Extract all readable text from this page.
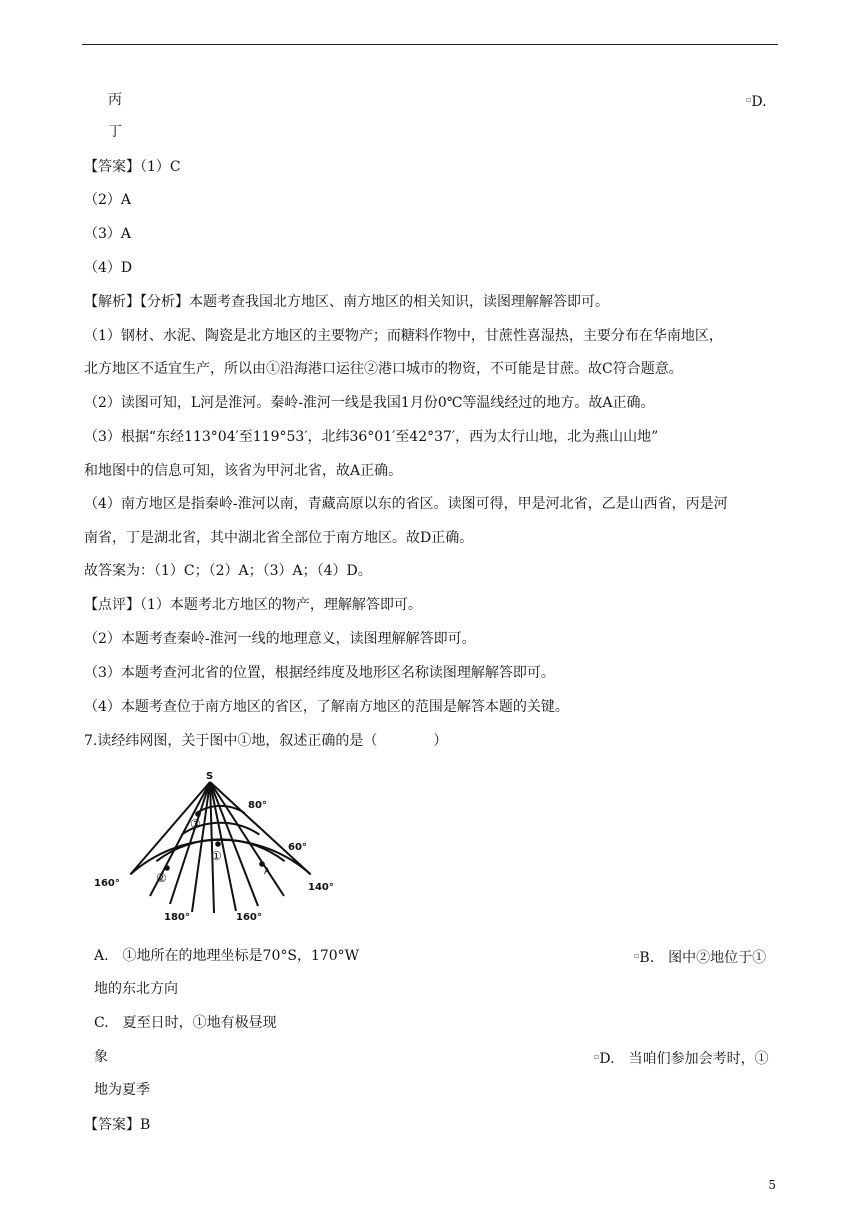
丙	▫D.
丁
【答案】（1）C
（2）A
（3）A
（4）D
【解析】【分析】本题考查我国北方地区、南方地区的相关知识，读图理解解答即可。
（1）钢材、水泥、陶瓷是北方地区的主要物产；而糖料作物中，甘蔗性喜湿热，主要分布在华南地区，
北方地区不适宜生产，所以由①沿海港口运往②港口城市的物资，不可能是甘蔗。故C符合题意。
（2）读图可知，L河是淮河。秦岭-淮河一线是我国1月份0℃等温线经过的地方。故A正确。
（3）根据“东经113°04′至119°53′，北纬36°01′至42°37′，西为太行山地，北为燕山山地”
和地图中的信息可知，该省为甲河北省，故A正确。
（4）南方地区是指秦岭-淮河以南，青藏高原以东的省区。读图可得，甲是河北省，乙是山西省，丙是河
南省，丁是湖北省，其中湖北省全部位于南方地区。故D正确。
故答案为：（1）C；（2）A；（3）A；（4）D。
【点评】（1）本题考北方地区的物产，理解解答即可。
（2）本题考查秦岭-淮河一线的地理意义，读图理解解答即可。
（3）本题考查河北省的位置，根据经纬度及地形区名称读图理解解答即可。
（4）本题考查位于南方地区的省区，了解南方地区的范围是解答本题的关键。
7.读经纬网图，关于图中①地，叙述正确的是（　　　　）
S
80°
60°
160°	140°
180°	160°
①
②
③
A
A.　①地所在的地理坐标是70°S，170°W	▫B.　图中②地位于①
地的东北方向
C.　夏至日时，①地有极昼现
象	▫D.　当咱们参加会考时，①
地为夏季
【答案】B
5
